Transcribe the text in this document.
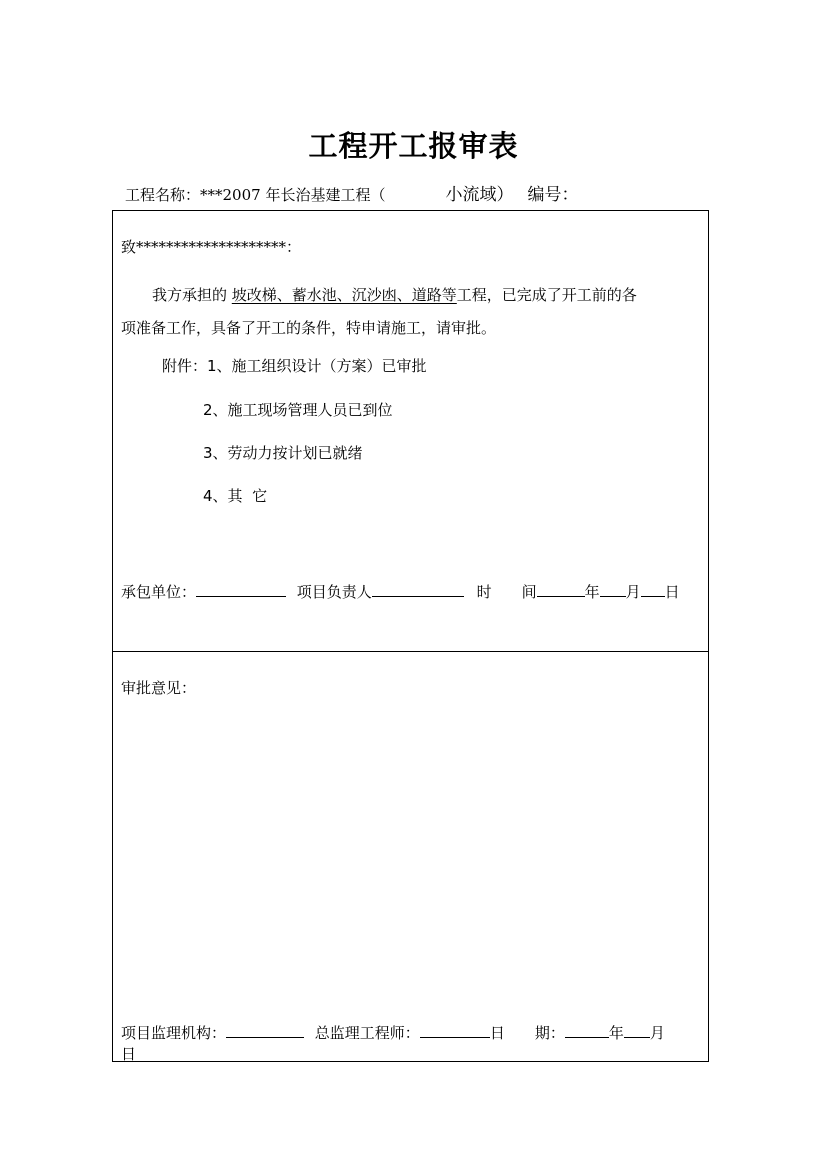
工程开工报审表
工程名称：***2007 年长治基建工程（	小流域） 编号：
致********************：
我方承担的 坡改梯、蓄水池、沉沙凼、道路等工程，已完成了开工前的各
项准备工作，具备了开工的条件，特申请施工，请审批。
附件：1、施工组织设计（方案）已审批
2、施工现场管理人员已到位
3、劳动力按计划已就绪
4、其  它
承包单位：	项目负责人	时　　间	年 月 日
审批意见：
项目监理机构：	总监理工程师：	日　　期：	年 月
日
